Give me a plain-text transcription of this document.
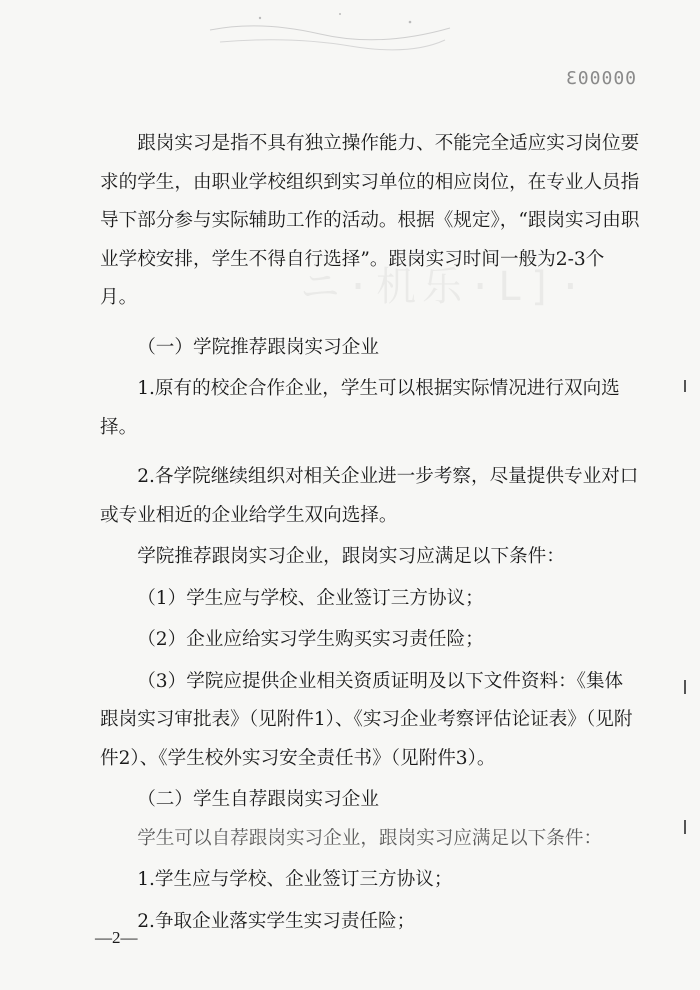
000003
ニ·机乐·L]·

跟岗实习是指不具有独立操作能力、不能完全适应实习岗位要求的学生，由职业学校组织到实习单位的相应岗位，在专业人员指导下部分参与实际辅助工作的活动。根据《规定》，“跟岗实习由职业学校安排，学生不得自行选择”。跟岗实习时间一般为2-3个月。

（一）学院推荐跟岗实习企业

1.原有的校企合作企业，学生可以根据实际情况进行双向选择。

2.各学院继续组织对相关企业进一步考察，尽量提供专业对口或专业相近的企业给学生双向选择。

学院推荐跟岗实习企业，跟岗实习应满足以下条件：

（1）学生应与学校、企业签订三方协议；

（2）企业应给实习学生购买实习责任险；

（3）学院应提供企业相关资质证明及以下文件资料：《集体跟岗实习审批表》（见附件1）、《实习企业考察评估论证表》（见附件2）、《学生校外实习安全责任书》（见附件3）。

（二）学生自荐跟岗实习企业

学生可以自荐跟岗实习企业，跟岗实习应满足以下条件：

1.学生应与学校、企业签订三方协议；

2.争取企业落实学生实习责任险；

—2—
